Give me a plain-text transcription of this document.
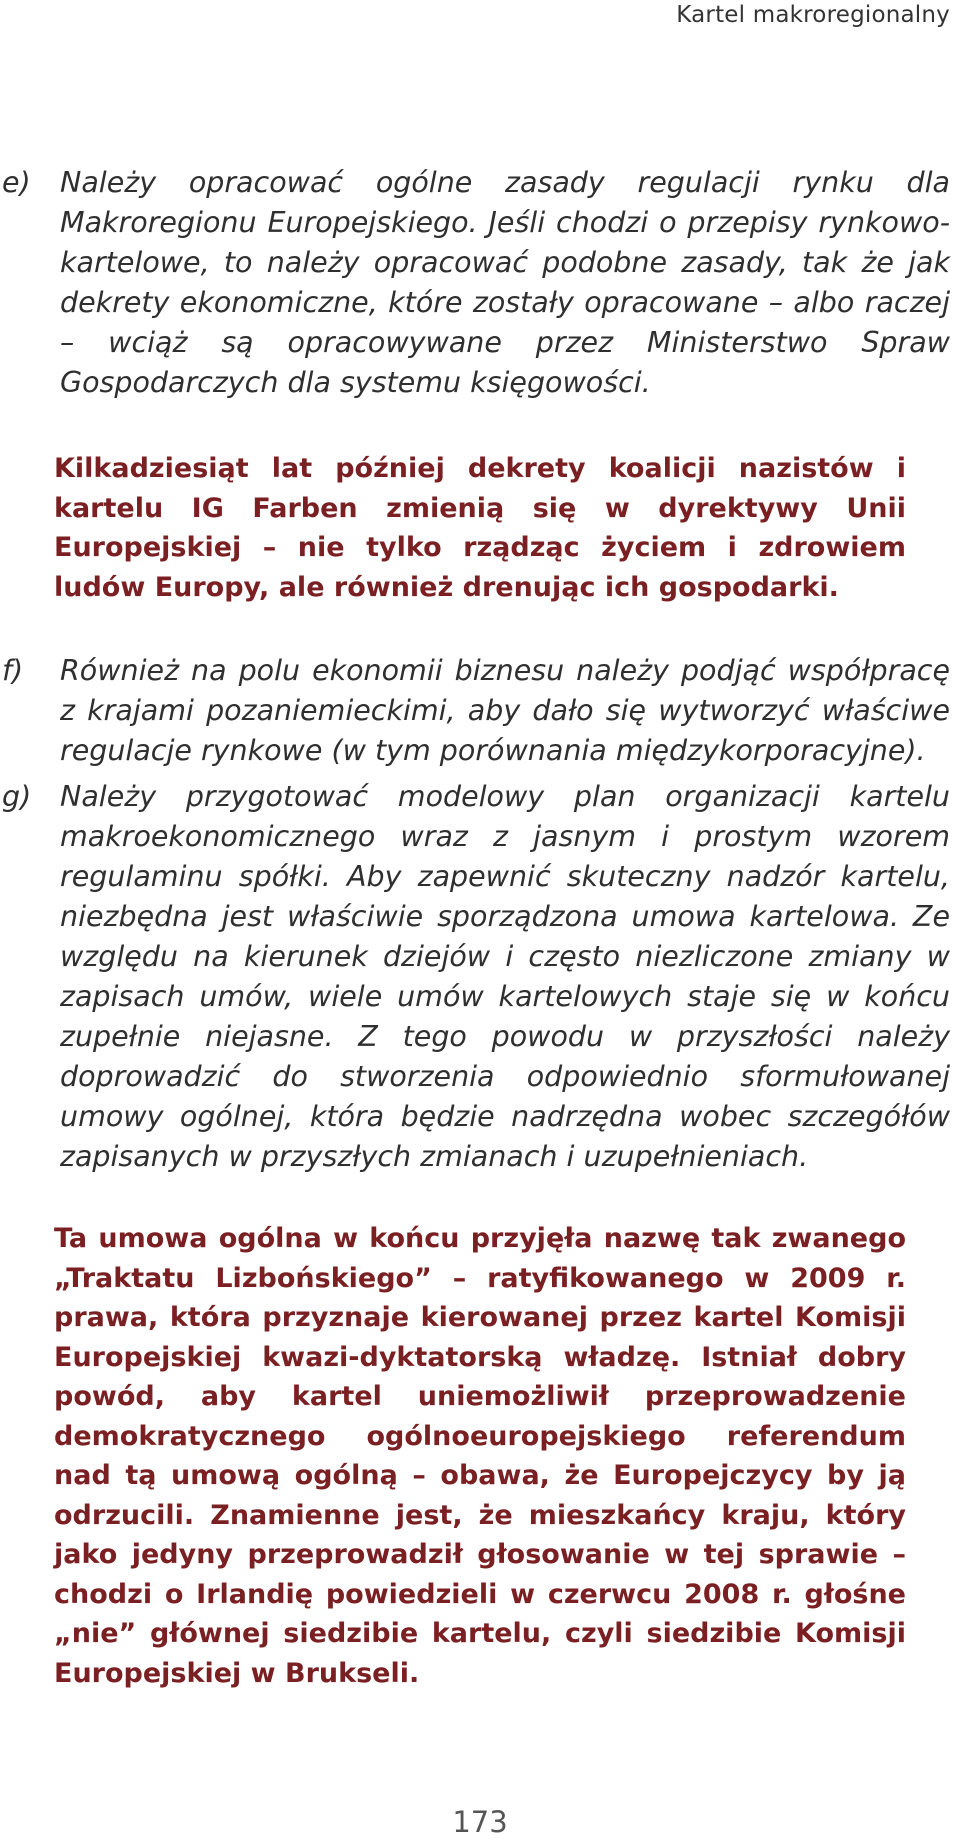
Kartel makroregionalny
e) Należy opracować ogólne zasady regulacji rynku dla Makroregionu Europejskiego. Jeśli chodzi o przepisy rynkowo-kartelowe, to należy opracować podobne zasady, tak że jak dekrety ekonomiczne, które zostały opracowane – albo raczej – wciąż są opracowywane przez Ministerstwo Spraw Gospodarczych dla systemu księgowości.
Kilkadziesiąt lat później dekrety koalicji nazistów i kartelu IG Farben zmienią się w dyrektywy Unii Europejskiej – nie tylko rządząc życiem i zdrowiem ludów Europy, ale również drenując ich gospodarki.
f) Również na polu ekonomii biznesu należy podjąć współpracę z krajami pozaniemieckimi, aby dało się wytworzyć właściwe regulacje rynkowe (w tym porównania międzykorporacyjne).
g) Należy przygotować modelowy plan organizacji kartelu makroekonomicznego wraz z jasnym i prostym wzorem regulaminu spółki. Aby zapewnić skuteczny nadzór kartelu, niezbędna jest właściwie sporządzona umowa kartelowa. Ze względu na kierunek dziejów i często niezliczone zmiany w zapisach umów, wiele umów kartelowych staje się w końcu zupełnie niejasne. Z tego powodu w przyszłości należy doprowadzić do stworzenia odpowiednio sformułowanej umowy ogólnej, która będzie nadrzędna wobec szczegółów zapisanych w przyszłych zmianach i uzupełnieniach.
Ta umowa ogólna w końcu przyjęła nazwę tak zwanego „Traktatu Lizbońskiego” – ratyfikowanego w 2009 r. prawa, która przyznaje kierowanej przez kartel Komisji Europejskiej kwazi-dyktatorską władzę. Istniał dobry powód, aby kartel uniemożliwił przeprowadzenie demokratycznego ogólnoeuropejskiego referendum nad tą umową ogólną – obawa, że Europejczycy by ją odrzucili. Znamienne jest, że mieszkańcy kraju, który jako jedyny przeprowadził głosowanie w tej sprawie – chodzi o Irlandię powiedzieli w czerwcu 2008 r. głośne „nie” głównej siedzibie kartelu, czyli siedzibie Komisji Europejskiej w Brukseli.
173
